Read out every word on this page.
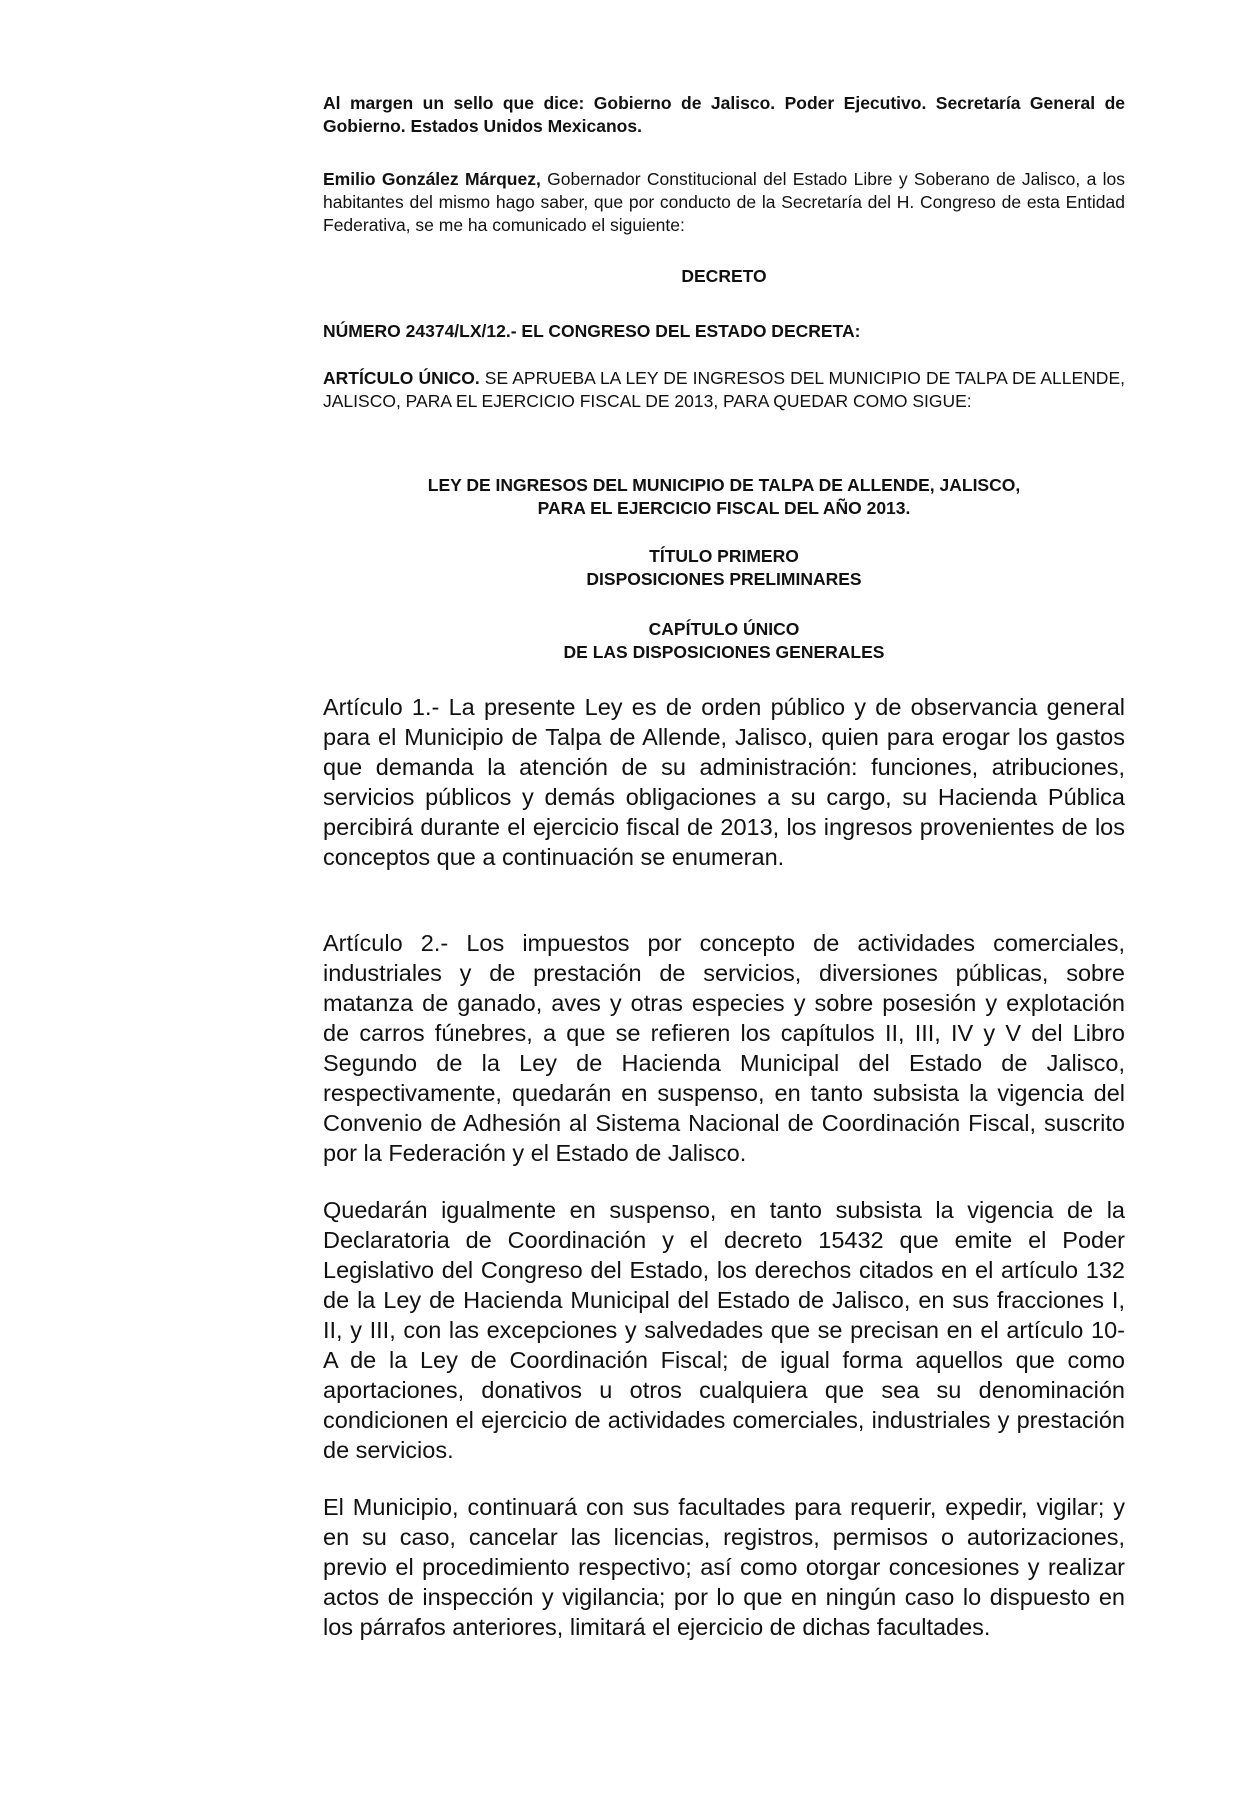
Al margen un sello que dice: Gobierno de Jalisco. Poder Ejecutivo. Secretaría General de Gobierno. Estados Unidos Mexicanos.

Emilio González Márquez, Gobernador Constitucional del Estado Libre y Soberano de Jalisco, a los habitantes del mismo hago saber, que por conducto de la Secretaría del H. Congreso de esta Entidad Federativa, se me ha comunicado el siguiente:

DECRETO

NÚMERO 24374/LX/12.- EL CONGRESO DEL ESTADO DECRETA:

ARTÍCULO ÚNICO. SE APRUEBA LA LEY DE INGRESOS DEL MUNICIPIO DE TALPA DE ALLENDE, JALISCO, PARA EL EJERCICIO FISCAL DE 2013, PARA QUEDAR COMO SIGUE:

LEY DE INGRESOS DEL MUNICIPIO DE TALPA DE ALLENDE, JALISCO,
PARA EL EJERCICIO FISCAL DEL AÑO 2013.

TÍTULO PRIMERO
DISPOSICIONES PRELIMINARES

CAPÍTULO ÚNICO
DE LAS DISPOSICIONES GENERALES

Artículo 1.- La presente Ley es de orden público y de observancia general para el Municipio de Talpa de Allende, Jalisco, quien para erogar los gastos que demanda la atención de su administración: funciones, atribuciones, servicios públicos y demás obligaciones a su cargo, su Hacienda Pública percibirá durante el ejercicio fiscal de 2013, los ingresos provenientes de los conceptos que a continuación se enumeran.

Artículo 2.- Los impuestos por concepto de actividades comerciales, industriales y de prestación de servicios, diversiones públicas, sobre matanza de ganado, aves y otras especies y sobre posesión y explotación de carros fúnebres, a que se refieren los capítulos II, III, IV y V del Libro Segundo de la Ley de Hacienda Municipal del Estado de Jalisco, respectivamente, quedarán en suspenso, en tanto subsista la vigencia del Convenio de Adhesión al Sistema Nacional de Coordinación Fiscal, suscrito por la Federación y el Estado de Jalisco.

Quedarán igualmente en suspenso, en tanto subsista la vigencia de la Declaratoria de Coordinación y el decreto 15432 que emite el Poder Legislativo del Congreso del Estado, los derechos citados en el artículo 132 de la Ley de Hacienda Municipal del Estado de Jalisco, en sus fracciones I, II, y III, con las excepciones y salvedades que se precisan en el artículo 10-A de la Ley de Coordinación Fiscal; de igual forma aquellos que como aportaciones, donativos u otros cualquiera que sea su denominación condicionen el ejercicio de actividades comerciales, industriales y prestación de servicios.

El Municipio, continuará con sus facultades para requerir, expedir, vigilar; y en su caso, cancelar las licencias, registros, permisos o autorizaciones, previo el procedimiento respectivo; así como otorgar concesiones y realizar actos de inspección y vigilancia; por lo que en ningún caso lo dispuesto en los párrafos anteriores, limitará el ejercicio de dichas facultades.
